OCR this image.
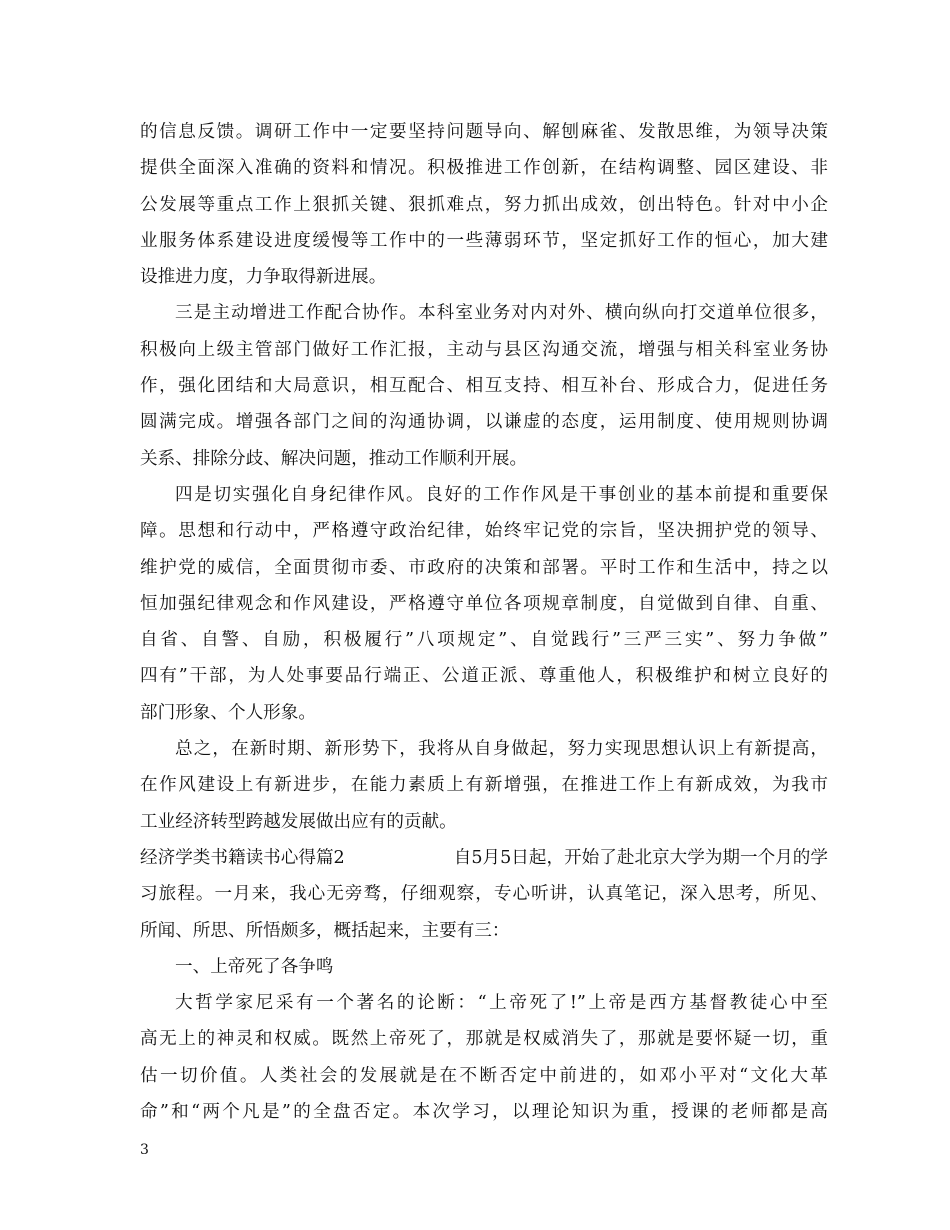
的信息反馈。调研工作中一定要坚持问题导向、解刨麻雀、发散思维，为领导决策
提供全面深入准确的资料和情况。积极推进工作创新，在结构调整、园区建设、非
公发展等重点工作上狠抓关键、狠抓难点，努力抓出成效，创出特色。针对中小企
业服务体系建设进度缓慢等工作中的一些薄弱环节，坚定抓好工作的恒心，加大建
设推进力度，力争取得新进展。
三是主动增进工作配合协作。本科室业务对内对外、横向纵向打交道单位很多，
积极向上级主管部门做好工作汇报，主动与县区沟通交流，增强与相关科室业务协
作，强化团结和大局意识，相互配合、相互支持、相互补台、形成合力，促进任务
圆满完成。增强各部门之间的沟通协调，以谦虚的态度，运用制度、使用规则协调
关系、排除分歧、解决问题，推动工作顺利开展。
四是切实强化自身纪律作风。良好的工作作风是干事创业的基本前提和重要保
障。思想和行动中，严格遵守政治纪律，始终牢记党的宗旨，坚决拥护党的领导、
维护党的威信，全面贯彻市委、市政府的决策和部署。平时工作和生活中，持之以
恒加强纪律观念和作风建设，严格遵守单位各项规章制度，自觉做到自律、自重、
自省、自警、自励，积极履行”八项规定”、自觉践行”三严三实”、努力争做”
四有”干部，为人处事要品行端正、公道正派、尊重他人，积极维护和树立良好的
部门形象、个人形象。
总之，在新时期、新形势下，我将从自身做起，努力实现思想认识上有新提高，
在作风建设上有新进步，在能力素质上有新增强，在推进工作上有新成效，为我市
工业经济转型跨越发展做出应有的贡献。
经济学类书籍读书心得篇2	自5月5日起，开始了赴北京大学为期一个月的学
习旅程。一月来，我心无旁骛，仔细观察，专心听讲，认真笔记，深入思考，所见、
所闻、所思、所悟颇多，概括起来，主要有三：
一、上帝死了各争鸣
大哲学家尼采有一个著名的论断：“上帝死了!”上帝是西方基督教徒心中至
高无上的神灵和权威。既然上帝死了，那就是权威消失了，那就是要怀疑一切，重
估一切价值。人类社会的发展就是在不断否定中前进的，如邓小平对“文化大革
命”和“两个凡是”的全盘否定。本次学习，以理论知识为重，授课的老师都是高
3
